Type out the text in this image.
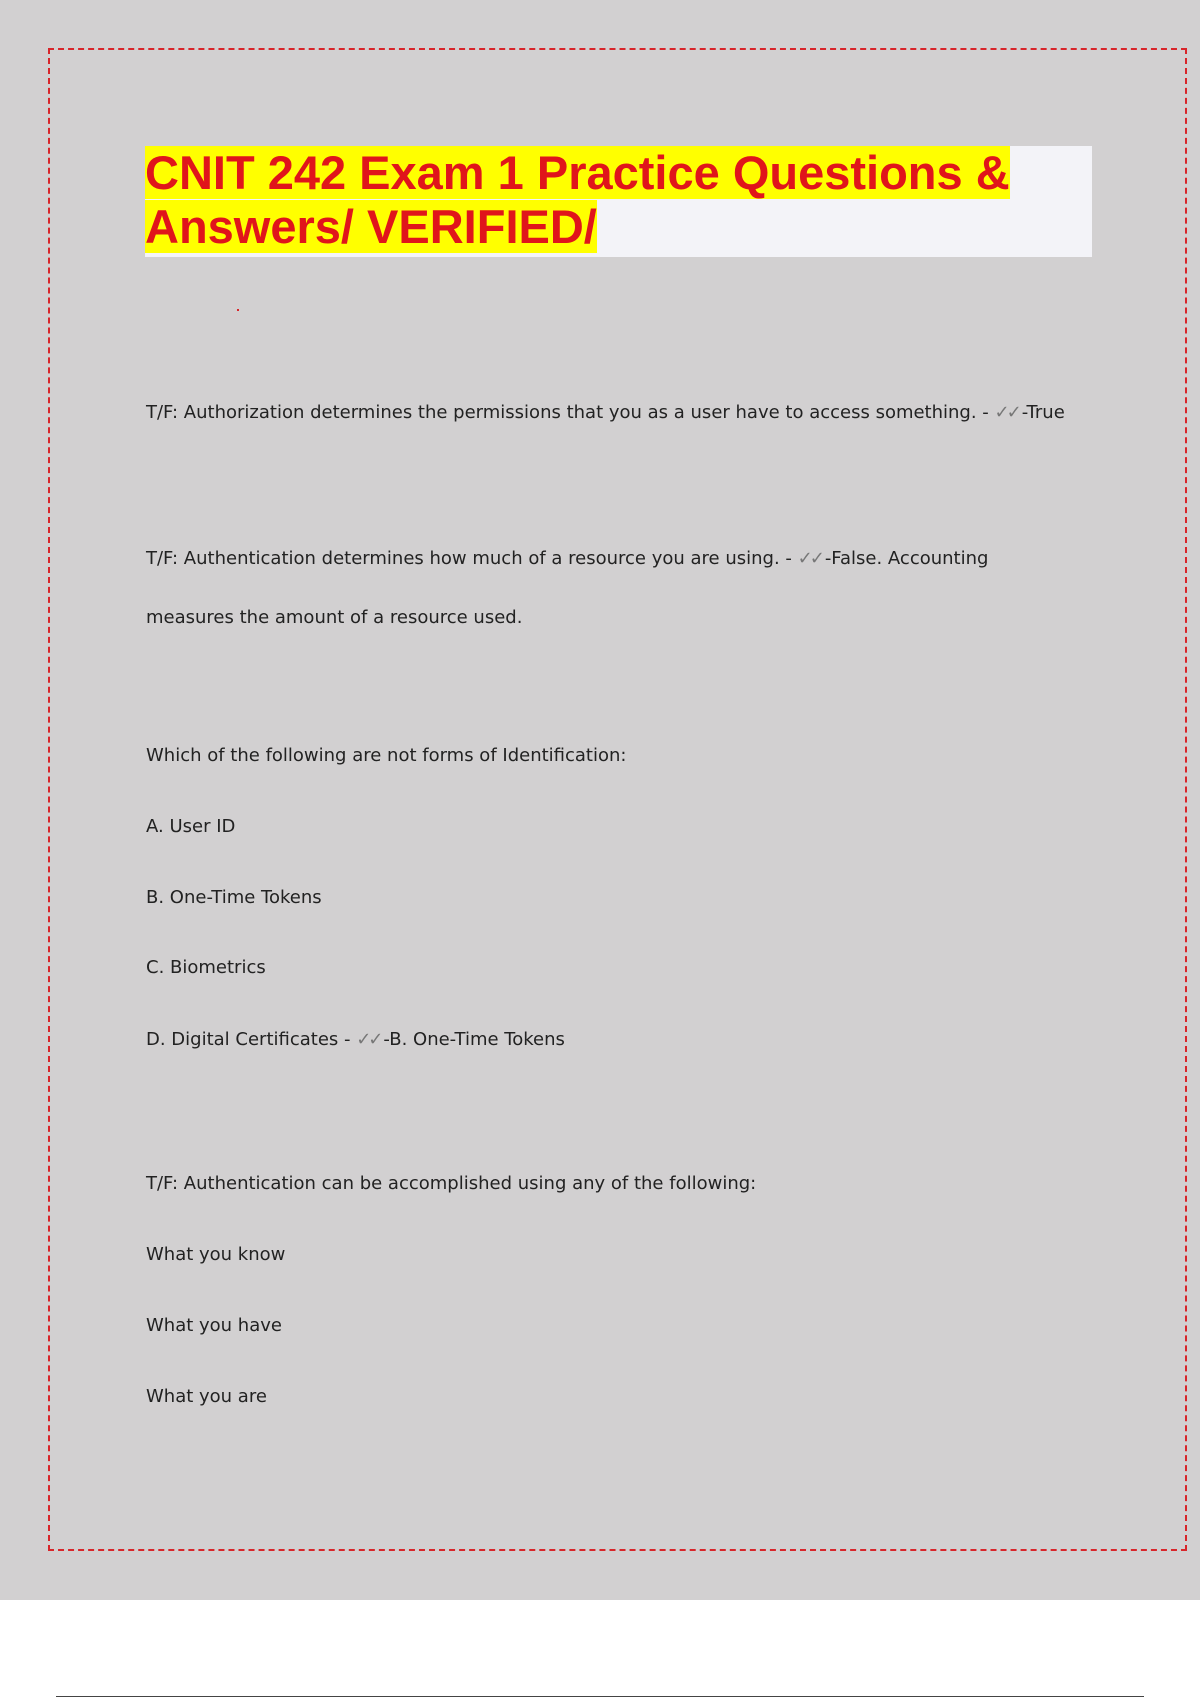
CNIT 242 Exam 1 Practice Questions &
Answers/ VERIFIED/

T/F: Authorization determines the permissions that you as a user have to access something. - ✓✓ -True

T/F: Authentication determines how much of a resource you are using. - ✓✓ -False. Accounting

measures the amount of a resource used.

Which of the following are not forms of Identification:

A. User ID

B. One-Time Tokens

C. Biometrics

D. Digital Certificates - ✓✓ -B. One-Time Tokens

T/F: Authentication can be accomplished using any of the following:

What you know

What you have

What you are
